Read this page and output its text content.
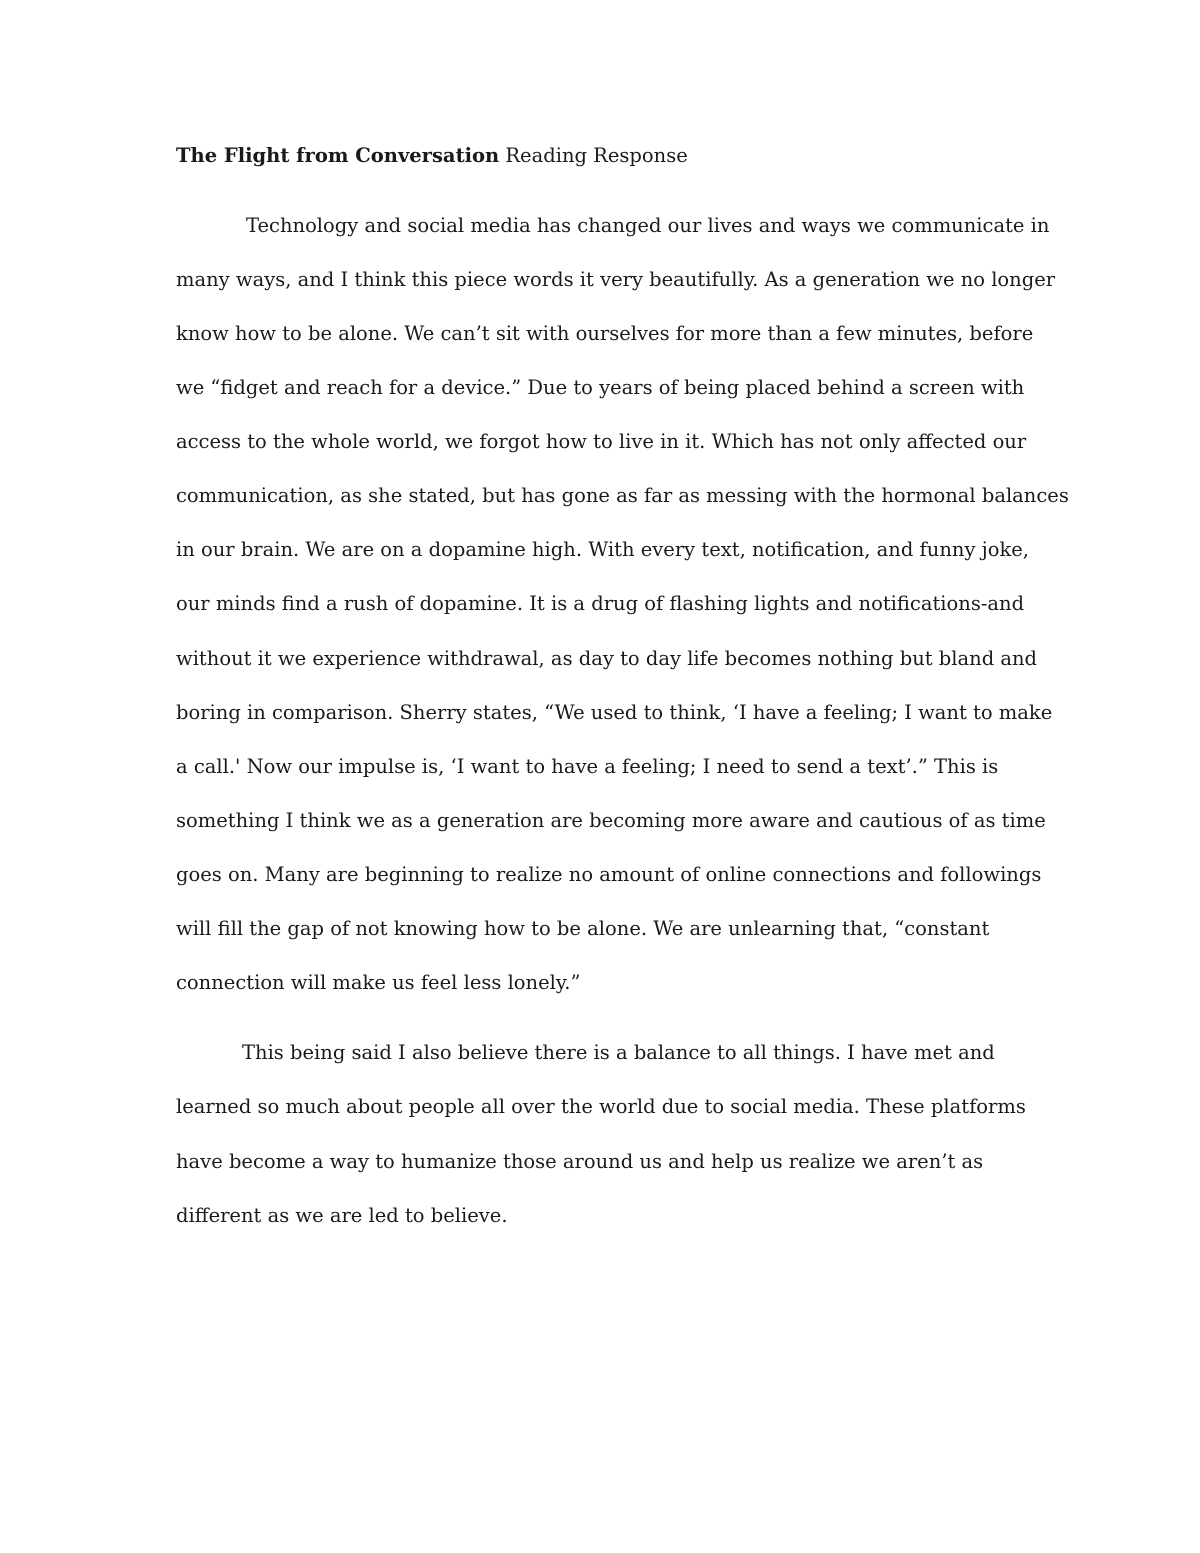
The Flight from Conversation Reading Response
Technology and social media has changed our lives and ways we communicate in
many ways, and I think this piece words it very beautifully. As a generation we no longer
know how to be alone. We can’t sit with ourselves for more than a few minutes, before
we “fidget and reach for a device.” Due to years of being placed behind a screen with
access to the whole world, we forgot how to live in it. Which has not only affected our
communication, as she stated, but has gone as far as messing with the hormonal balances
in our brain. We are on a dopamine high. With every text, notification, and funny joke,
our minds find a rush of dopamine. It is a drug of flashing lights and notifications-and
without it we experience withdrawal, as day to day life becomes nothing but bland and
boring in comparison. Sherry states, “We used to think, ‘I have a feeling; I want to make
a call.' Now our impulse is, ‘I want to have a feeling; I need to send a text’.” This is
something I think we as a generation are becoming more aware and cautious of as time
goes on. Many are beginning to realize no amount of online connections and followings
will fill the gap of not knowing how to be alone. We are unlearning that, “constant
connection will make us feel less lonely.”
This being said I also believe there is a balance to all things. I have met and
learned so much about people all over the world due to social media. These platforms
have become a way to humanize those around us and help us realize we aren’t as
different as we are led to believe.
